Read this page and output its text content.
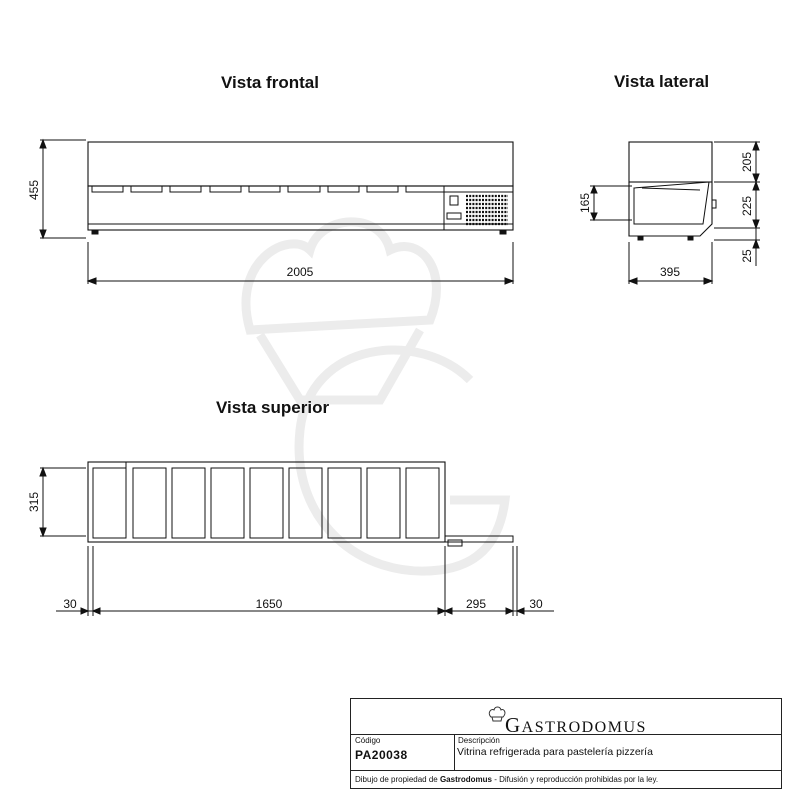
455
2005
205
225
25
165
395
315
30	1650	295	30
Vista frontal	Vista lateral
Vista superior
GASTRODOMUS
Código
PA20038
Descripción
Vitrina refrigerada para pastelería pizzería
Dibujo de propiedad de Gastrodomus - Difusión y reproducción prohibidas por la ley.
